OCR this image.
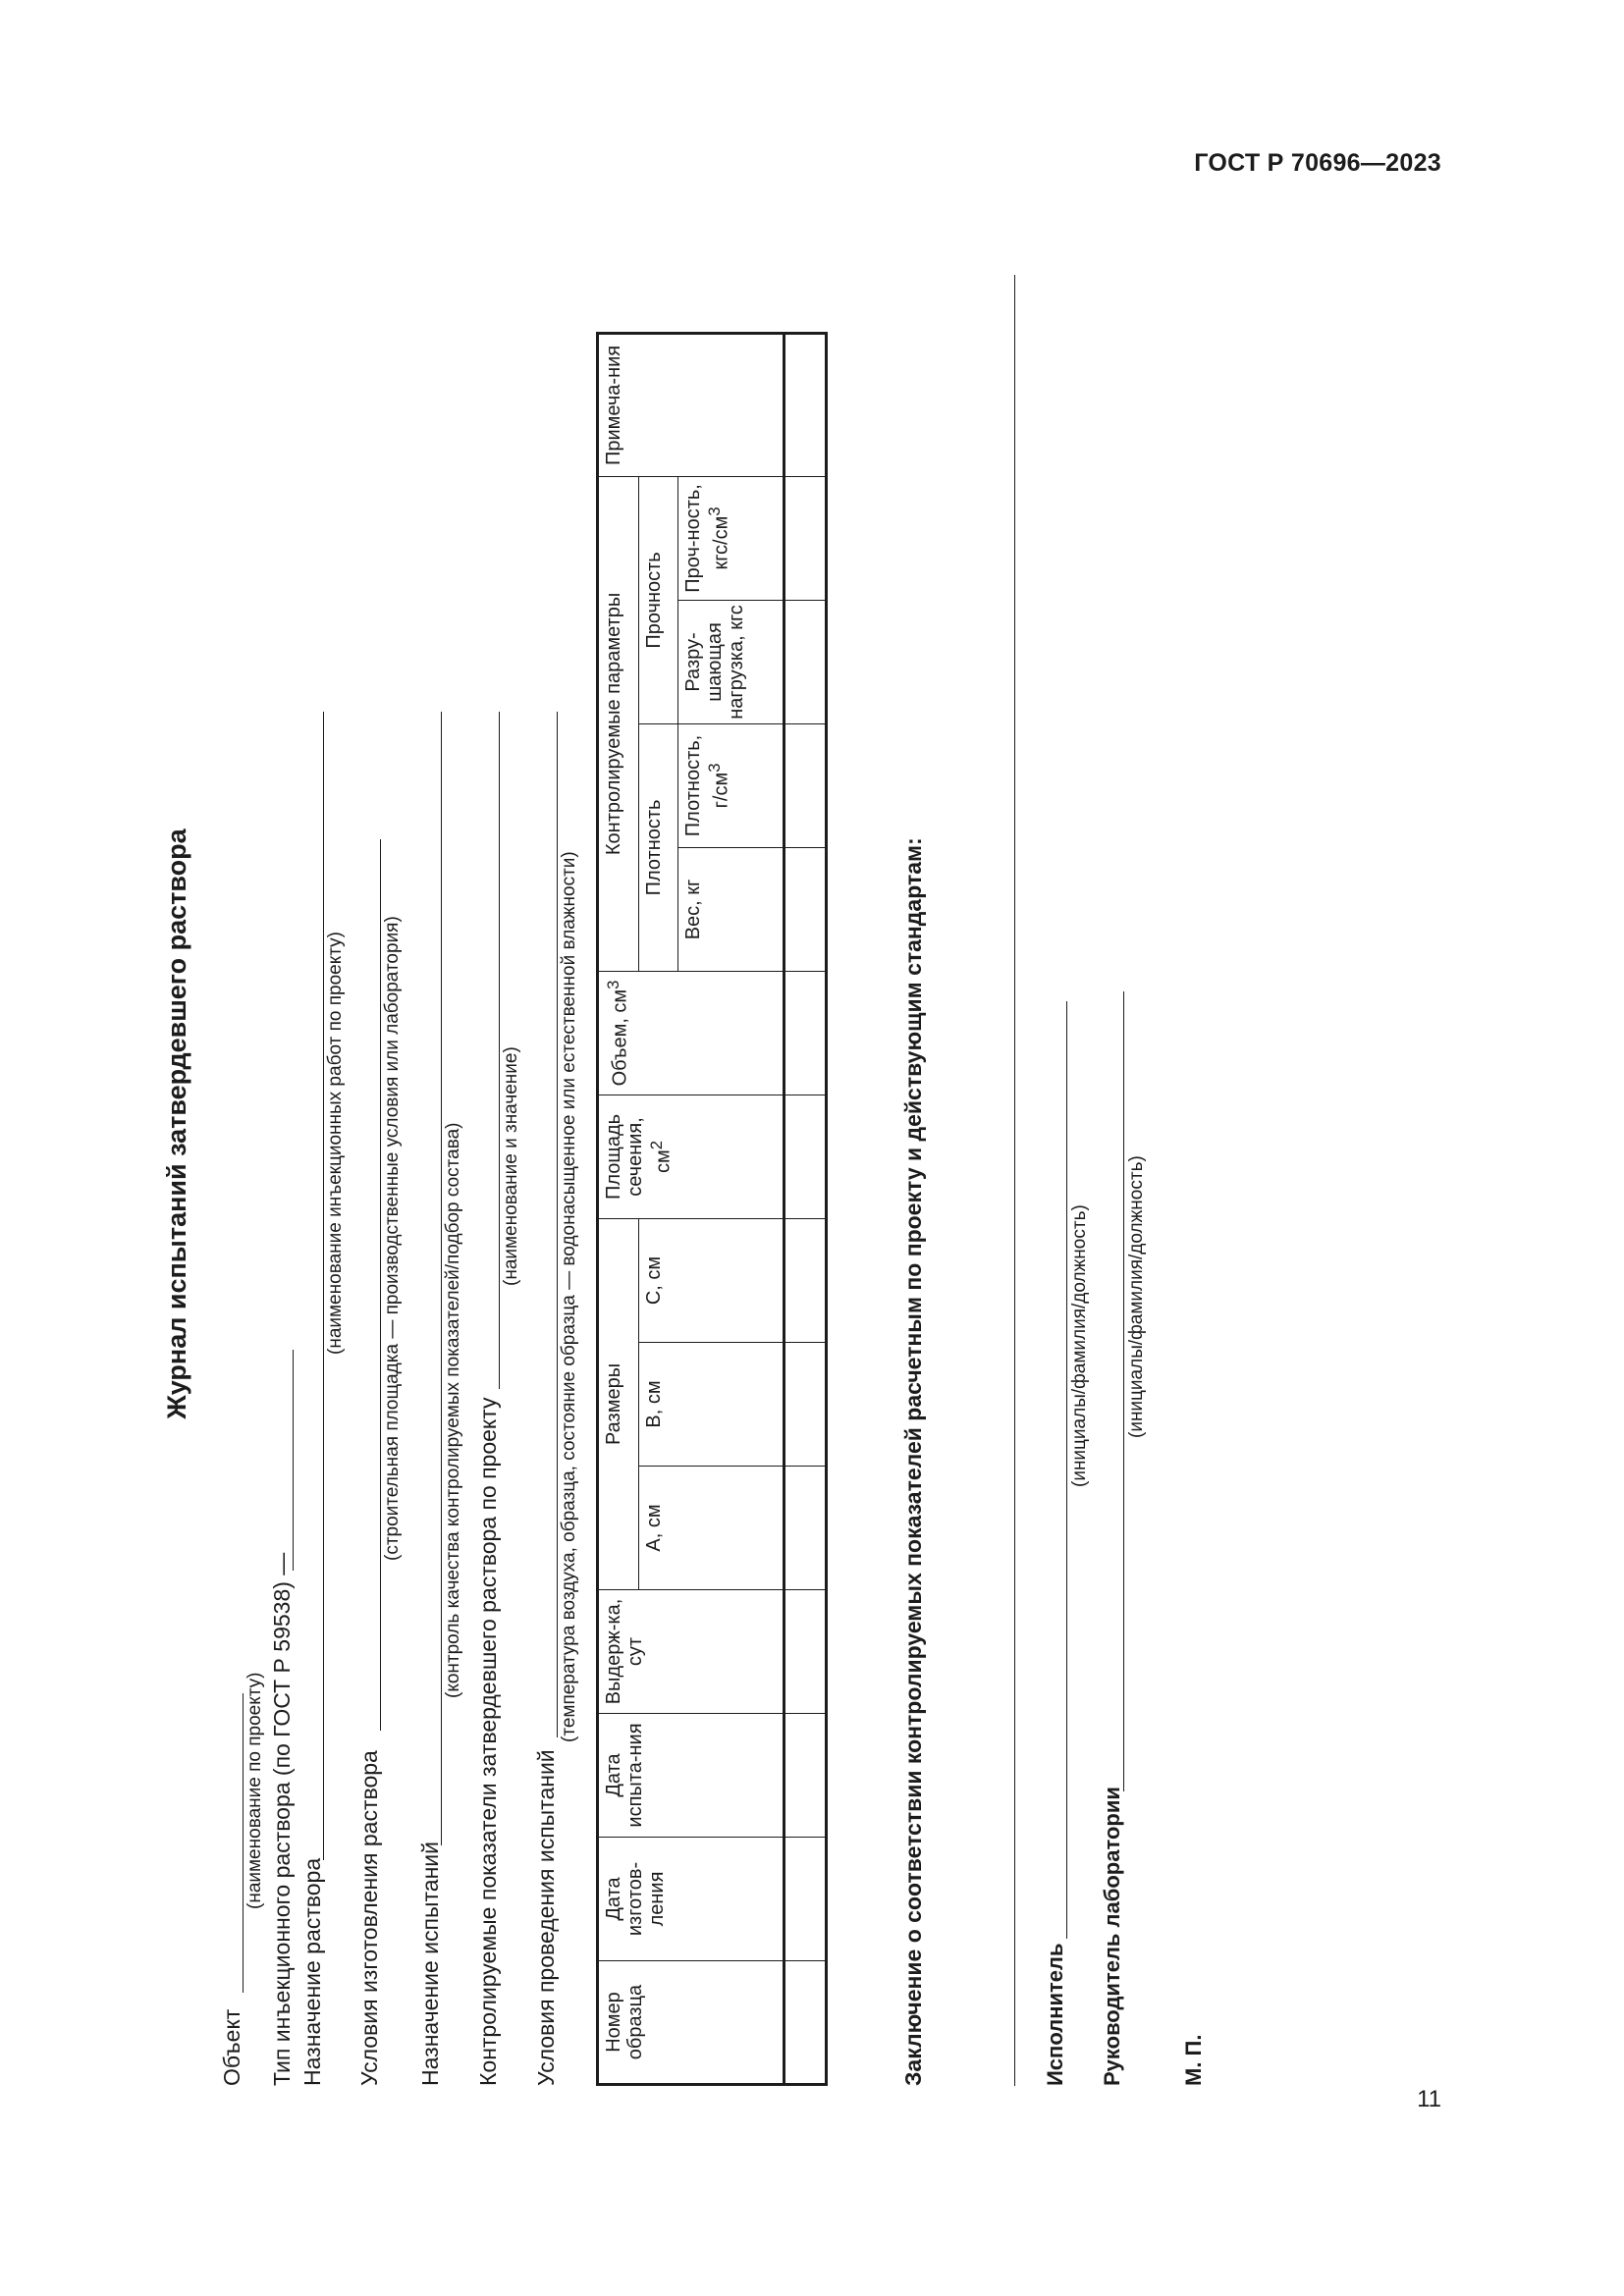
ГОСТ Р 70696—2023
11
Журнал испытаний затвердевшего раствора
Объект
(наименование по проекту) Тип инъекционного раствора (по ГОСТ Р 59538) — Назначение раствора
(наименование инъекционных работ по проекту)
Условия изготовления раствора
(строительная площадка — производственные условия или лаборатория)
Назначение испытаний
(контроль качества контролируемых показателей/подбор состава) Контролируемые показатели затвердевшего раствора по проекту
(наименование и значение)
Условия проведения испытаний
(температура воздуха, образца, состояние образца — водонасыщенное или естественной влажности)
Номер образца	Дата изготов-ления	Дата испыта-ния	Выдерж-ка, сут	Размеры			Площадь сечения, $см^2$	Объем, $см^3$	Контролируемые параметры				Примеча-ния
				А, см	В, см	С, см			Плотность		Прочность		
									Вес, кг	Плотность, $г/см^3$	Разру-шающая нагрузка, кгс	Проч-ность, кгс/$см^3$

Заключение о соответствии контролируемых показателей расчетным по проекту и действующим стандартам:	Исполнитель
(инициалы/фамилия/должность)
Руководитель лаборатории
(инициалы/фамилия/должность)
М. П.
